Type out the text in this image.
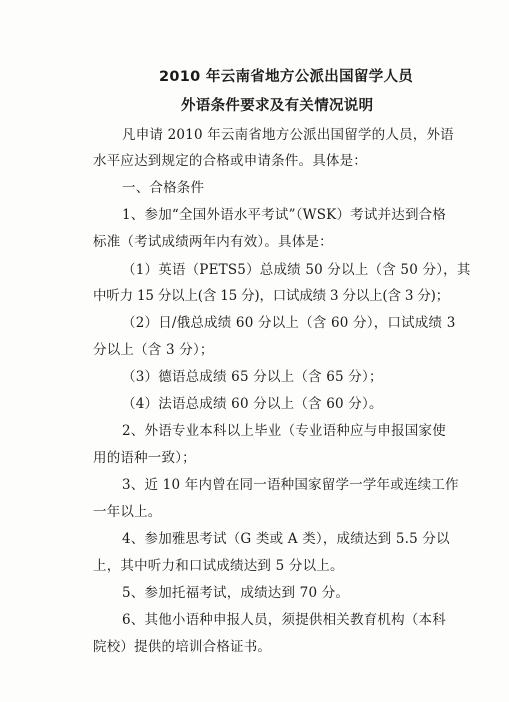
2010 年云南省地方公派出国留学人员
外语条件要求及有关情况说明
凡申请 2010 年云南省地方公派出国留学的人员，外语
水平应达到规定的合格或申请条件。具体是：
一、合格条件
1、参加“全国外语水平考试”（WSK）考试并达到合格
标准（考试成绩两年内有效）。具体是：
（1）英语（PETS5）总成绩 50 分以上（含 50 分），其
中听力 15 分以上(含 15 分)，口试成绩 3 分以上(含 3 分)；
（2）日/俄总成绩 60 分以上（含 60 分），口试成绩 3
分以上（含 3 分）；
（3）德语总成绩 65 分以上（含 65 分）；
（4）法语总成绩 60 分以上（含 60 分）。
2、外语专业本科以上毕业（专业语种应与申报国家使
用的语种一致）；
3、近 10 年内曾在同一语种国家留学一学年或连续工作
一年以上。
4、参加雅思考试（G 类或 A 类），成绩达到 5.5 分以
上，其中听力和口试成绩达到 5 分以上。
5、参加托福考试，成绩达到 70 分。
6、其他小语种申报人员，须提供相关教育机构（本科
院校）提供的培训合格证书。
